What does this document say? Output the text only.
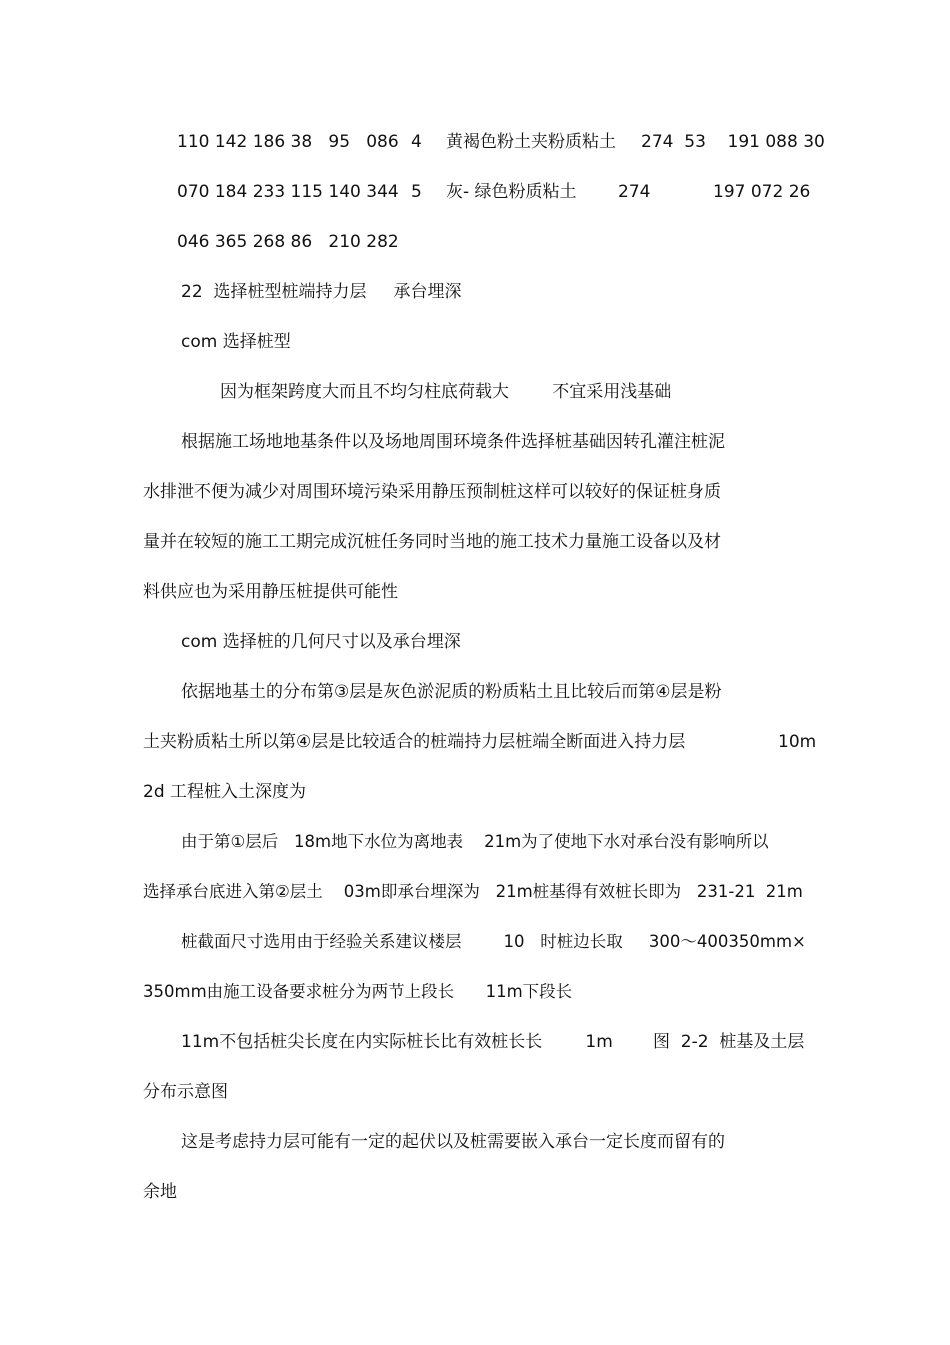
110 142 186 38   95   086 4 黄褐色粉土夹粉质粘土 274  53    191 088 30
070 184 233 115 140 344 5 灰- 绿色粉质粘土 274	197 072 26
046 365 268 86   210 282
22  选择桩型桩端持力层     承台埋深
com 选择桩型
因为框架跨度大而且不均匀柱底荷载大        不宜采用浅基础
根据施工场地地基条件以及场地周围环境条件选择桩基础因转孔灌注桩泥
水排泄不便为减少对周围环境污染采用静压预制桩这样可以较好的保证桩身质
量并在较短的施工工期完成沉桩任务同时当地的施工技术力量施工设备以及材
料供应也为采用静压桩提供可能性
com 选择桩的几何尺寸以及承台埋深
依据地基土的分布第③层是灰色淤泥质的粉质粘土且比较后而第④层是粉
土夹粉质粘土所以第④层是比较适合的桩端持力层桩端全断面进入持力层	10m
2d 工程桩入土深度为
由于第①层后   18m地下水位为离地表    21m为了使地下水对承台没有影响所以
选择承台底进入第②层土    03m即承台埋深为   21m桩基得有效桩长即为   231-21  21m
桩截面尺寸选用由于经验关系建议楼层        10   时桩边长取     300～400350mm×
350mm由施工设备要求桩分为两节上段长      11m下段长
11m不包括桩尖长度在内实际桩长比有效桩长长        1m 图  2-2  桩基及土层
分布示意图
这是考虑持力层可能有一定的起伏以及桩需要嵌入承台一定长度而留有的
余地
